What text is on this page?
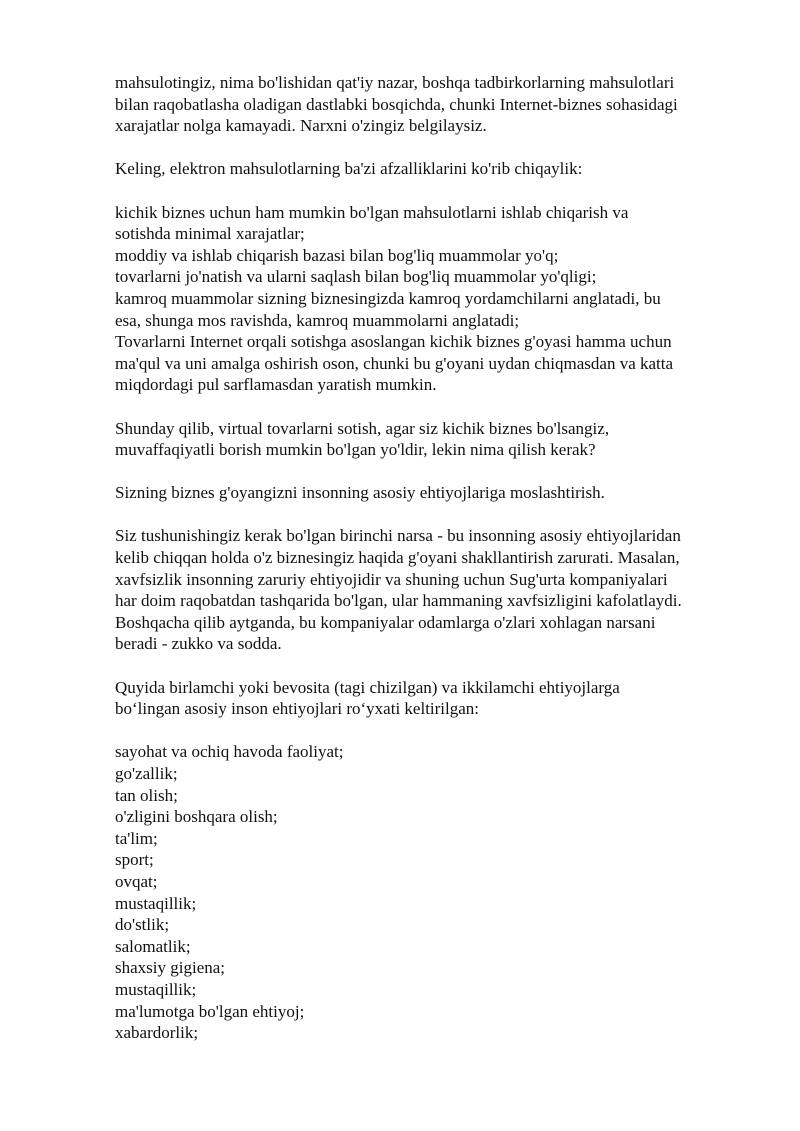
mahsulotingiz, nima bo'lishidan qat'iy nazar, boshqa tadbirkorlarning mahsulotlari
bilan raqobatlasha oladigan dastlabki bosqichda, chunki Internet-biznes sohasidagi
xarajatlar nolga kamayadi. Narxni o'zingiz belgilaysiz.
Keling, elektron mahsulotlarning ba'zi afzalliklarini ko'rib chiqaylik:
kichik biznes uchun ham mumkin bo'lgan mahsulotlarni ishlab chiqarish va
sotishda minimal xarajatlar;
moddiy va ishlab chiqarish bazasi bilan bog'liq muammolar yo'q;
tovarlarni jo'natish va ularni saqlash bilan bog'liq muammolar yo'qligi;
kamroq muammolar sizning biznesingizda kamroq yordamchilarni anglatadi, bu
esa, shunga mos ravishda, kamroq muammolarni anglatadi;
Tovarlarni Internet orqali sotishga asoslangan kichik biznes g'oyasi hamma uchun
ma'qul va uni amalga oshirish oson, chunki bu g'oyani uydan chiqmasdan va katta
miqdordagi pul sarflamasdan yaratish mumkin.
Shunday qilib, virtual tovarlarni sotish, agar siz kichik biznes bo'lsangiz,
muvaffaqiyatli borish mumkin bo'lgan yo'ldir, lekin nima qilish kerak?
Sizning biznes g'oyangizni insonning asosiy ehtiyojlariga moslashtirish.
Siz tushunishingiz kerak bo'lgan birinchi narsa - bu insonning asosiy ehtiyojlaridan
kelib chiqqan holda o'z biznesingiz haqida g'oyani shakllantirish zarurati. Masalan,
xavfsizlik insonning zaruriy ehtiyojidir va shuning uchun Sug'urta kompaniyalari
har doim raqobatdan tashqarida bo'lgan, ular hammaning xavfsizligini kafolatlaydi.
Boshqacha qilib aytganda, bu kompaniyalar odamlarga o'zlari xohlagan narsani
beradi - zukko va sodda.
Quyida birlamchi yoki bevosita (tagi chizilgan) va ikkilamchi ehtiyojlarga
bo‘lingan asosiy inson ehtiyojlari ro‘yxati keltirilgan:
sayohat va ochiq havoda faoliyat;
go'zallik;
tan olish;
o'zligini boshqara olish;
ta'lim;
sport;
ovqat;
mustaqillik;
do'stlik;
salomatlik;
shaxsiy gigiena;
mustaqillik;
ma'lumotga bo'lgan ehtiyoj;
xabardorlik;
